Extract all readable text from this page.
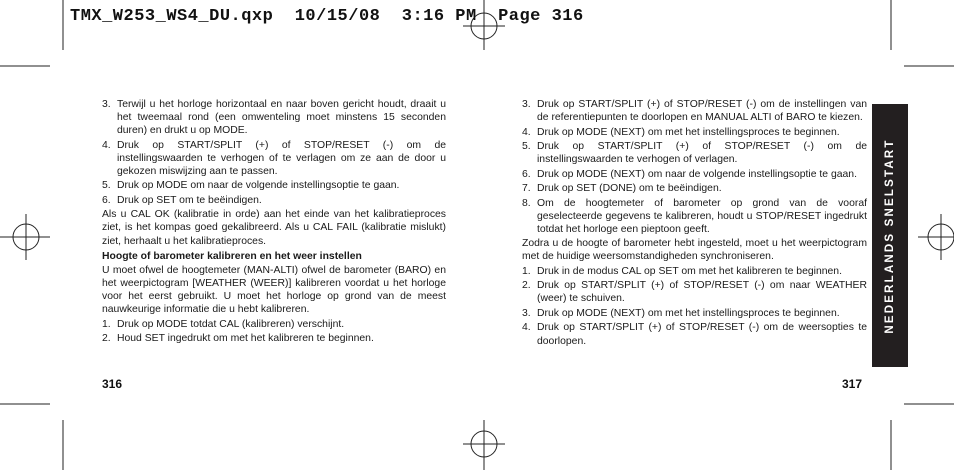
TMX_W253_WS4_DU.qxp  10/15/08  3:16 PM  Page 316
3. Terwijl u het horloge horizontaal en naar boven gericht houdt, draait u het tweemaal rond (een omwenteling moet minstens 15 seconden duren) en drukt u op MODE.
4. Druk op START/SPLIT (+) of STOP/RESET (-) om de instellingswaarden te verhogen of te verlagen om ze aan de door u gekozen miswijzing aan te passen.
5. Druk op MODE om naar de volgende instellingsoptie te gaan.
6. Druk op SET om te beëindigen.

Als u CAL OK (kalibratie in orde) aan het einde van het kalibratieproces ziet, is het kompas goed gekalibreerd. Als u CAL FAIL (kalibratie mislukt) ziet, herhaalt u het kalibratieproces.

Hoogte of barometer kalibreren en het weer instellen

U moet ofwel de hoogtemeter (MAN-ALTI) ofwel de barometer (BARO) en het weerpictogram [WEATHER (WEER)] kalibreren voordat u het horloge voor het eerst gebruikt. U moet het horloge op grond van de meest nauwkeurige informatie die u hebt kalibreren.

1. Druk op MODE totdat CAL (kalibreren) verschijnt.
2. Houd SET ingedrukt om met het kalibreren te beginnen.
3. Druk op START/SPLIT (+) of STOP/RESET (-) om de instellingen van de referentiepunten te doorlopen en MANUAL ALTI of BARO te kiezen.
4. Druk op MODE (NEXT) om met het instellingsproces te beginnen.
5. Druk op START/SPLIT (+) of STOP/RESET (-) om de instellingswaarden te verhogen of verlagen.
6. Druk op MODE (NEXT) om naar de volgende instellingsoptie te gaan.
7. Druk op SET (DONE) om te beëindigen.
8. Om de hoogtemeter of barometer op grond van de vooraf geselecteerde gegevens te kalibreren, houdt u STOP/RESET ingedrukt totdat het horloge een pieptoon geeft.

Zodra u de hoogte of barometer hebt ingesteld, moet u het weerpictogram met de huidige weersomstandigheden synchroniseren.

1. Druk in de modus CAL op SET om met het kalibreren te beginnen.
2. Druk op START/SPLIT (+) of STOP/RESET (-) om naar WEATHER (weer) te schuiven.
3. Druk op MODE (NEXT) om met het instellingsproces te beginnen.
4. Druk op START/SPLIT (+) of STOP/RESET (-) om de weersopties te doorlopen.
316	317
NEDERLANDS SNELSTART
